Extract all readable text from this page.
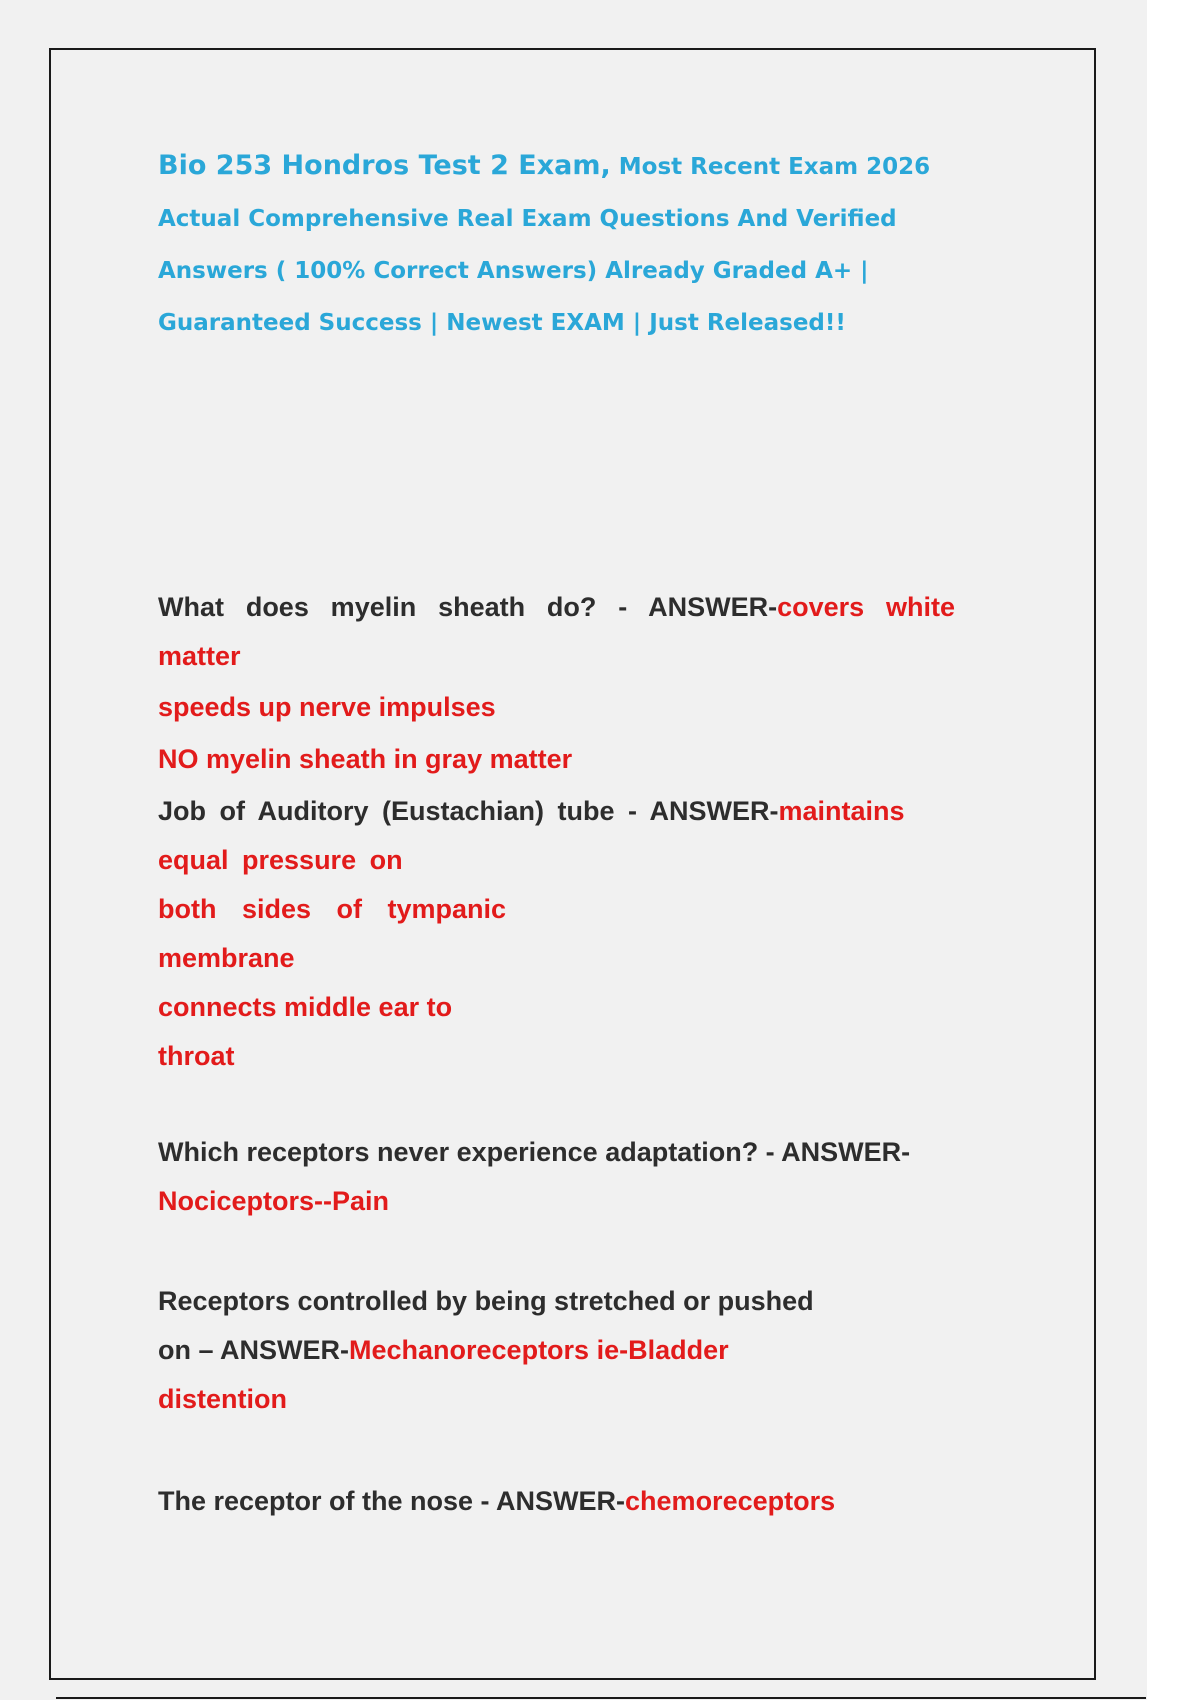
Bio 253 Hondros Test 2 Exam, Most Recent Exam 2026 Actual Comprehensive Real Exam Questions And Verified Answers ( 100% Correct Answers) Already Graded A+ | Guaranteed Success | Newest EXAM | Just Released!!
What does myelin sheath do? - ANSWER-covers white matter
speeds up nerve impulses
NO myelin sheath in gray matter
Job of Auditory (Eustachian) tube - ANSWER-maintains equal pressure on
both sides of tympanic
membrane
connects middle ear to
throat
Which receptors never experience adaptation? - ANSWER-
Nociceptors--Pain
Receptors controlled by being stretched or pushed
on – ANSWER-Mechanoreceptors ie-Bladder
distention
The receptor of the nose - ANSWER-chemoreceptors
